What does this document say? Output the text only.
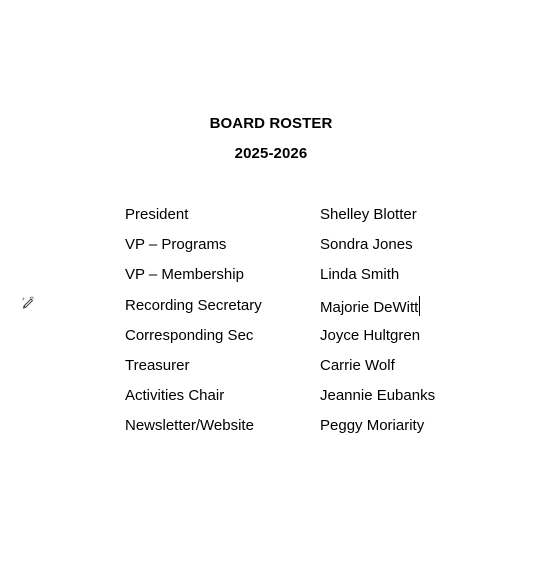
BOARD ROSTER
2025-2026
President	Shelley Blotter
VP – Programs	Sondra Jones
VP – Membership	Linda Smith
Recording Secretary	Majorie DeWitt
Corresponding Sec	Joyce Hultgren
Treasurer	Carrie Wolf
Activities Chair	Jeannie Eubanks
Newsletter/Website	Peggy Moriarity
